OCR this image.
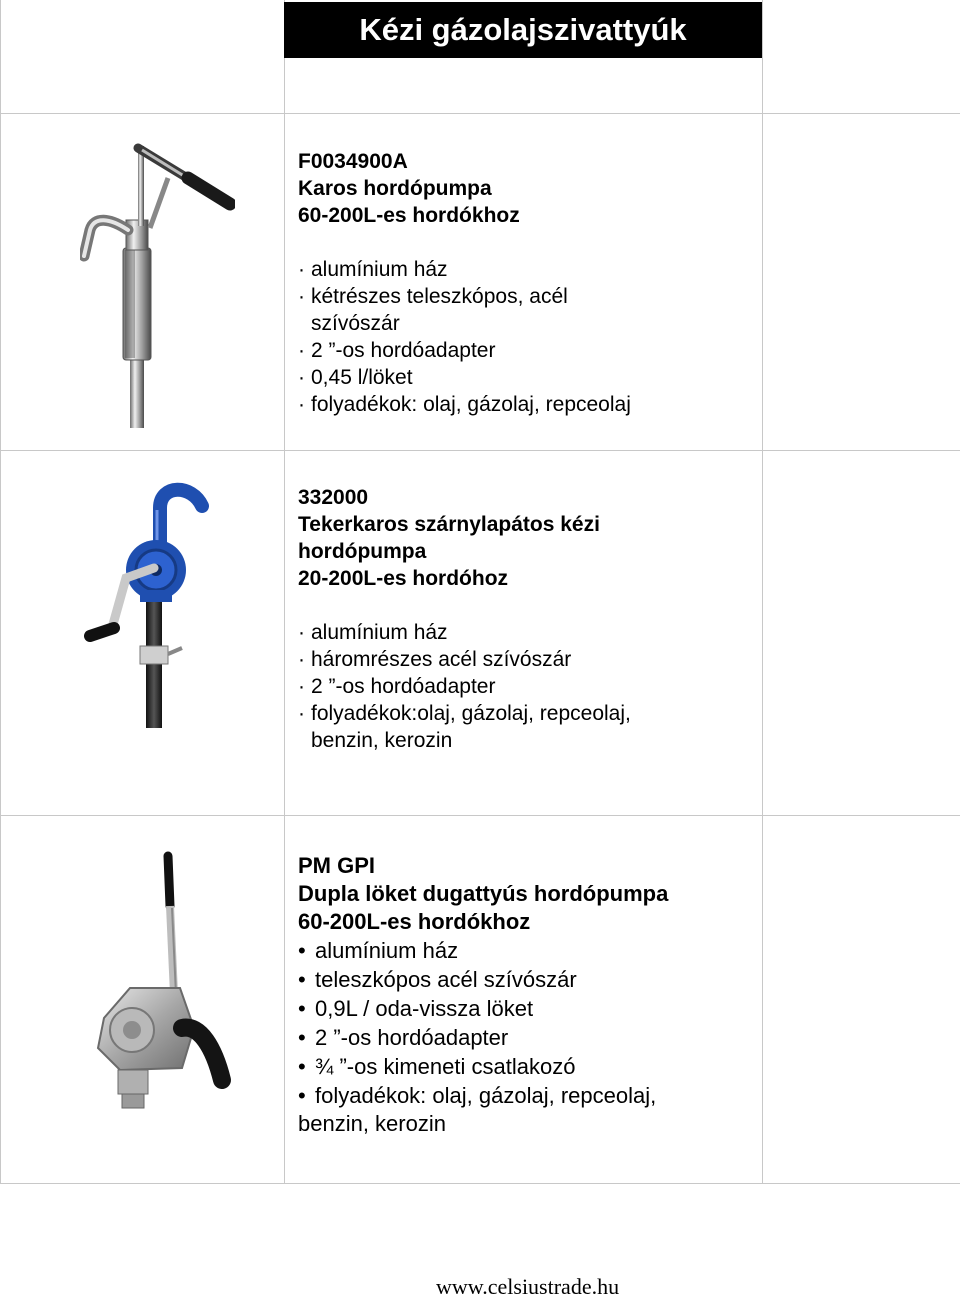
Kézi gázolajszivattyúk
F0034900A
Karos hordópumpa
60-200L-es hordókhoz
· alumínium ház
· kétrészes teleszkópos, acél szívószár
· 2 ”-os hordóadapter
· 0,45 l/löket
· folyadékok: olaj, gázolaj, repceolaj
332000
Tekerkaros szárnylapátos kézi hordópumpa
20-200L-es hordóhoz
· alumínium ház
· háromrészes acél szívószár
· 2 ”-os hordóadapter
· folyadékok:olaj, gázolaj, repceolaj, benzin, kerozin
PM GPI
Dupla löket dugattyús hordópumpa
60-200L-es hordókhoz
• alumínium ház
• teleszkópos acél szívószár
• 0,9L / oda-vissza löket
• 2 ”-os hordóadapter
• ¾ ”-os kimeneti csatlakozó
• folyadékok: olaj, gázolaj, repceolaj,
benzin, kerozin
www.celsiustrade.hu
